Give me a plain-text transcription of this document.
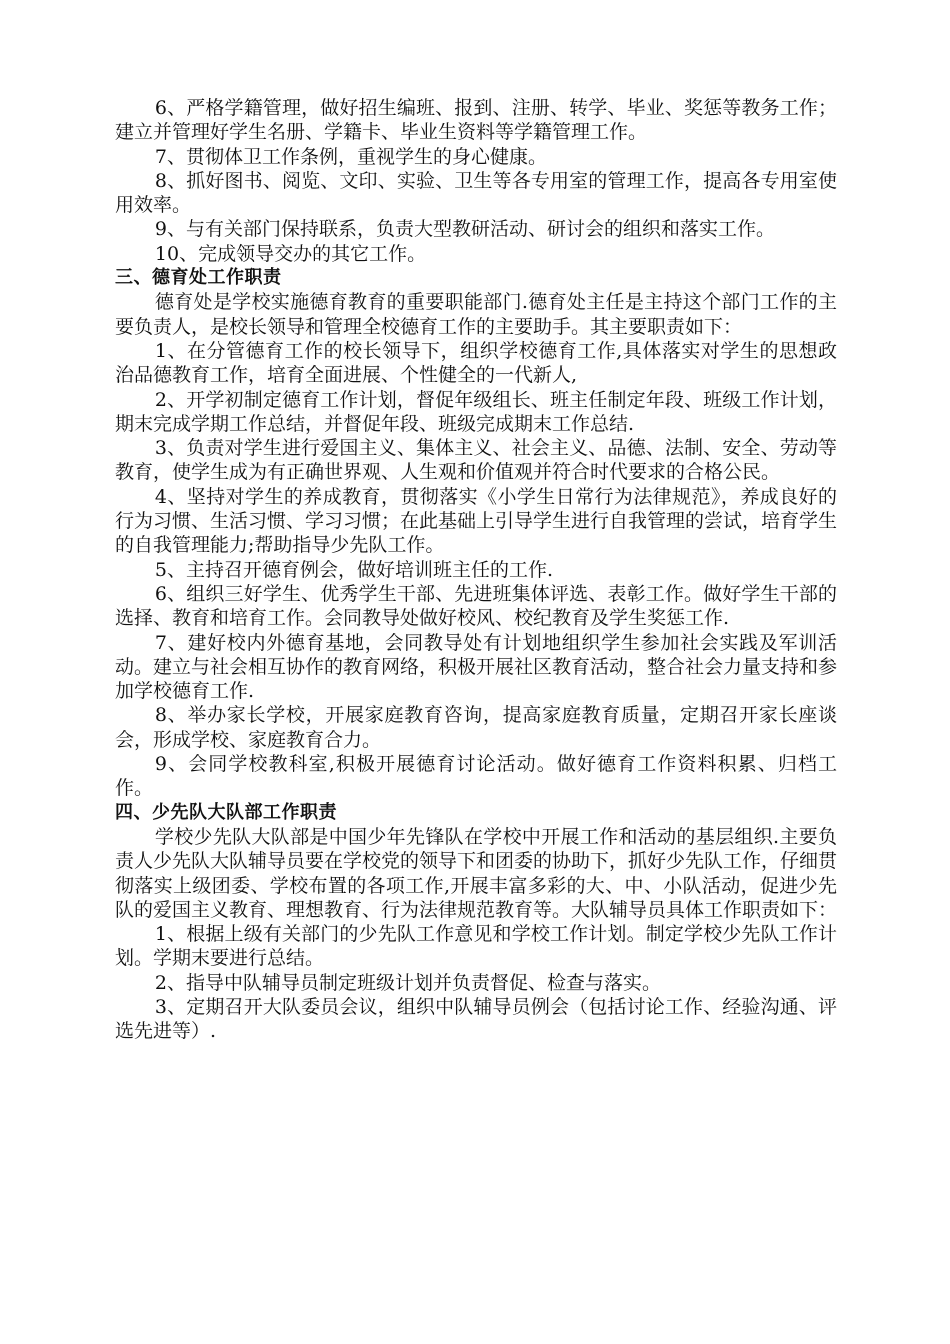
6、严格学籍管理，做好招生编班、报到、注册、转学、毕业、奖惩等教务工作；建立并管理好学生名册、学籍卡、毕业生资料等学籍管理工作。

7、贯彻体卫工作条例，重视学生的身心健康。

8、抓好图书、阅览、文印、实验、卫生等各专用室的管理工作，提高各专用室使用效率。

9、与有关部门保持联系，负责大型教研活动、研讨会的组织和落实工作。

10、完成领导交办的其它工作。

三、德育处工作职责

德育处是学校实施德育教育的重要职能部门.德育处主任是主持这个部门工作的主要负责人，是校长领导和管理全校德育工作的主要助手。其主要职责如下：

1、在分管德育工作的校长领导下，组织学校德育工作,具体落实对学生的思想政治品德教育工作，培育全面进展、个性健全的一代新人,

2、开学初制定德育工作计划，督促年级组长、班主任制定年段、班级工作计划，期末完成学期工作总结，并督促年段、班级完成期末工作总结.

3、负责对学生进行爱国主义、集体主义、社会主义、品德、法制、安全、劳动等教育，使学生成为有正确世界观、人生观和价值观并符合时代要求的合格公民。

4、坚持对学生的养成教育，贯彻落实《小学生日常行为法律规范》，养成良好的行为习惯、生活习惯、学习习惯；在此基础上引导学生进行自我管理的尝试，培育学生的自我管理能力;帮助指导少先队工作。

5、主持召开德育例会，做好培训班主任的工作.

6、组织三好学生、优秀学生干部、先进班集体评选、表彰工作。做好学生干部的选择、教育和培育工作。会同教导处做好校风、校纪教育及学生奖惩工作.

7、建好校内外德育基地，会同教导处有计划地组织学生参加社会实践及军训活动。建立与社会相互协作的教育网络，积极开展社区教育活动，整合社会力量支持和参加学校德育工作.

8、举办家长学校，开展家庭教育咨询，提高家庭教育质量，定期召开家长座谈会，形成学校、家庭教育合力。

9、会同学校教科室,积极开展德育讨论活动。做好德育工作资料积累、归档工作。

四、少先队大队部工作职责

学校少先队大队部是中国少年先锋队在学校中开展工作和活动的基层组织.主要负责人少先队大队辅导员要在学校党的领导下和团委的协助下，抓好少先队工作，仔细贯彻落实上级团委、学校布置的各项工作,开展丰富多彩的大、中、小队活动，促进少先队的爱国主义教育、理想教育、行为法律规范教育等。大队辅导员具体工作职责如下：

1、根据上级有关部门的少先队工作意见和学校工作计划。制定学校少先队工作计划。学期末要进行总结。

2、指导中队辅导员制定班级计划并负责督促、检查与落实。

3、定期召开大队委员会议，组织中队辅导员例会（包括讨论工作、经验沟通、评选先进等）.
